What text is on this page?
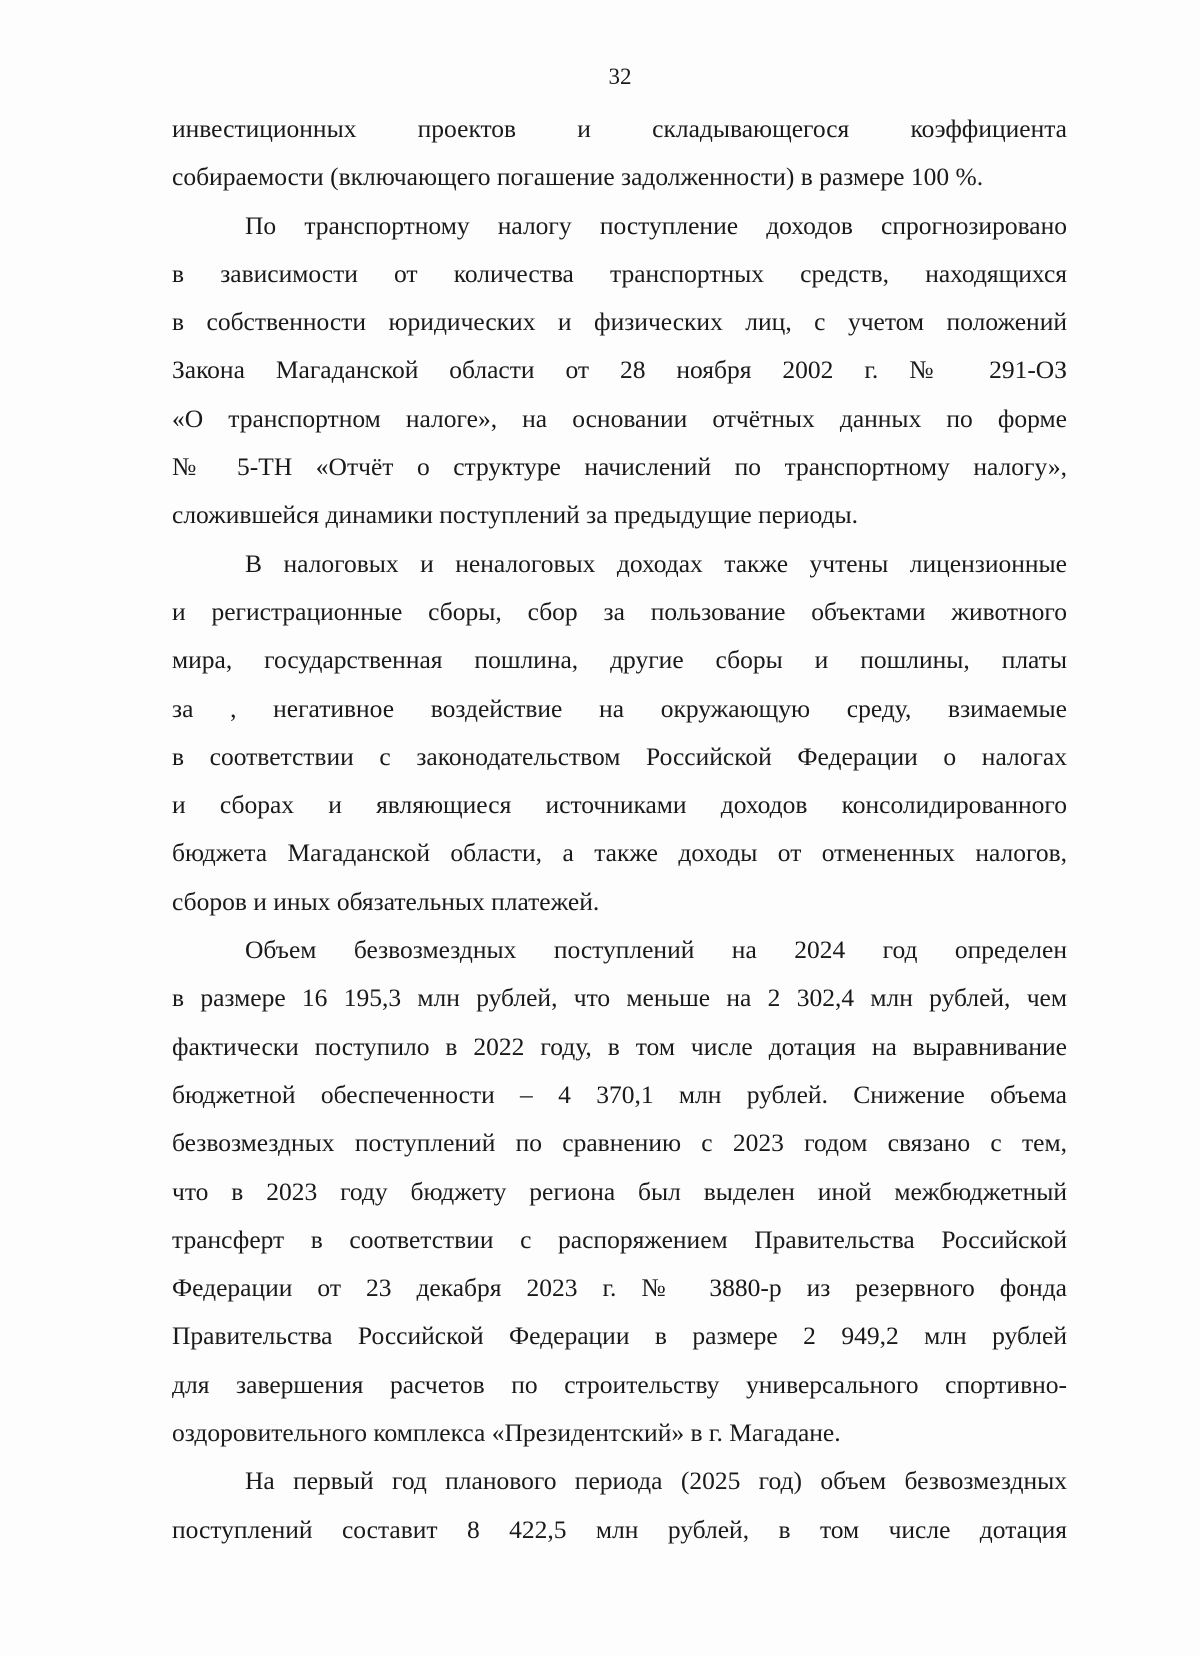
32
инвестиционных проектов и складывающегося коэффициента
собираемости (включающего погашение задолженности) в размере 100 %.
По транспортному налогу поступление доходов спрогнозировано
в зависимости от количества транспортных средств, находящихся
в собственности юридических и физических лиц, с учетом положений
Закона Магаданской области от 28 ноября 2002 г. № 291-ОЗ
«О транспортном налоге», на основании отчётных данных по форме
№ 5-ТН «Отчёт о структуре начислений по транспортному налогу»,
сложившейся динамики поступлений за предыдущие периоды.
В налоговых и неналоговых доходах также учтены лицензионные
и регистрационные сборы, сбор за пользование объектами животного
мира, государственная пошлина, другие сборы и пошлины, платы
за , негативное воздействие на окружающую среду, взимаемые
в соответствии с законодательством Российской Федерации о налогах
и сборах и являющиеся источниками доходов консолидированного
бюджета Магаданской области, а также доходы от отмененных налогов,
сборов и иных обязательных платежей.
Объем безвозмездных поступлений на 2024 год определен
в размере 16 195,3 млн рублей, что меньше на 2 302,4 млн рублей, чем
фактически поступило в 2022 году, в том числе дотация на выравнивание
бюджетной обеспеченности – 4 370,1 млн рублей. Снижение объема
безвозмездных поступлений по сравнению с 2023 годом связано с тем,
что в 2023 году бюджету региона был выделен иной межбюджетный
трансферт в соответствии с распоряжением Правительства Российской
Федерации от 23 декабря 2023 г. № 3880-р из резервного фонда
Правительства Российской Федерации в размере 2 949,2 млн рублей
для завершения расчетов по строительству универсального спортивно-
оздоровительного комплекса «Президентский» в г. Магадане.
На первый год планового периода (2025 год) объем безвозмездных
поступлений составит 8 422,5 млн рублей, в том числе дотация
